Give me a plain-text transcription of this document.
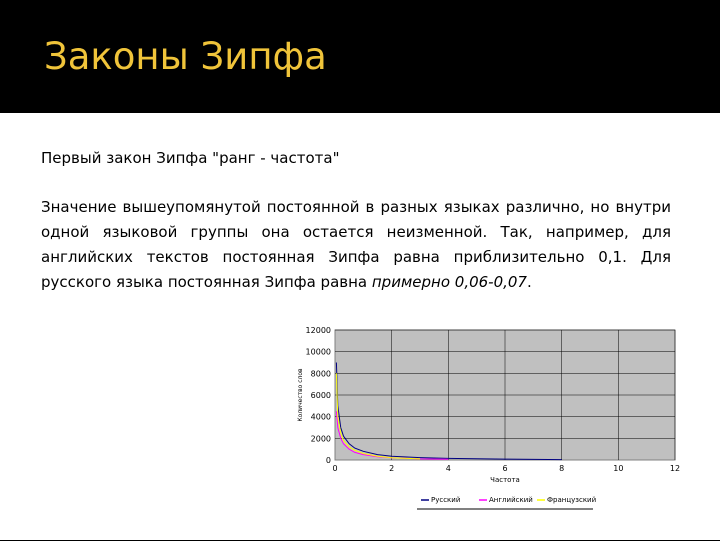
Законы Зипфа
Первый закон Зипфа "ранг - частота"
Значение вышеупомянутой постоянной в разных языках различно, но внутри одной языковой группы она остается неизменной. Так, например, для английских текстов постоянная Зипфа равна приблизительно 0,1. Для русского языка постоянная Зипфа равна примерно 0,06-0,07.
0
2000
4000
6000
8000
10000
12000
0	2	4	6	8	10	12
Частота
Количество слов
Русский	Английский Французский
